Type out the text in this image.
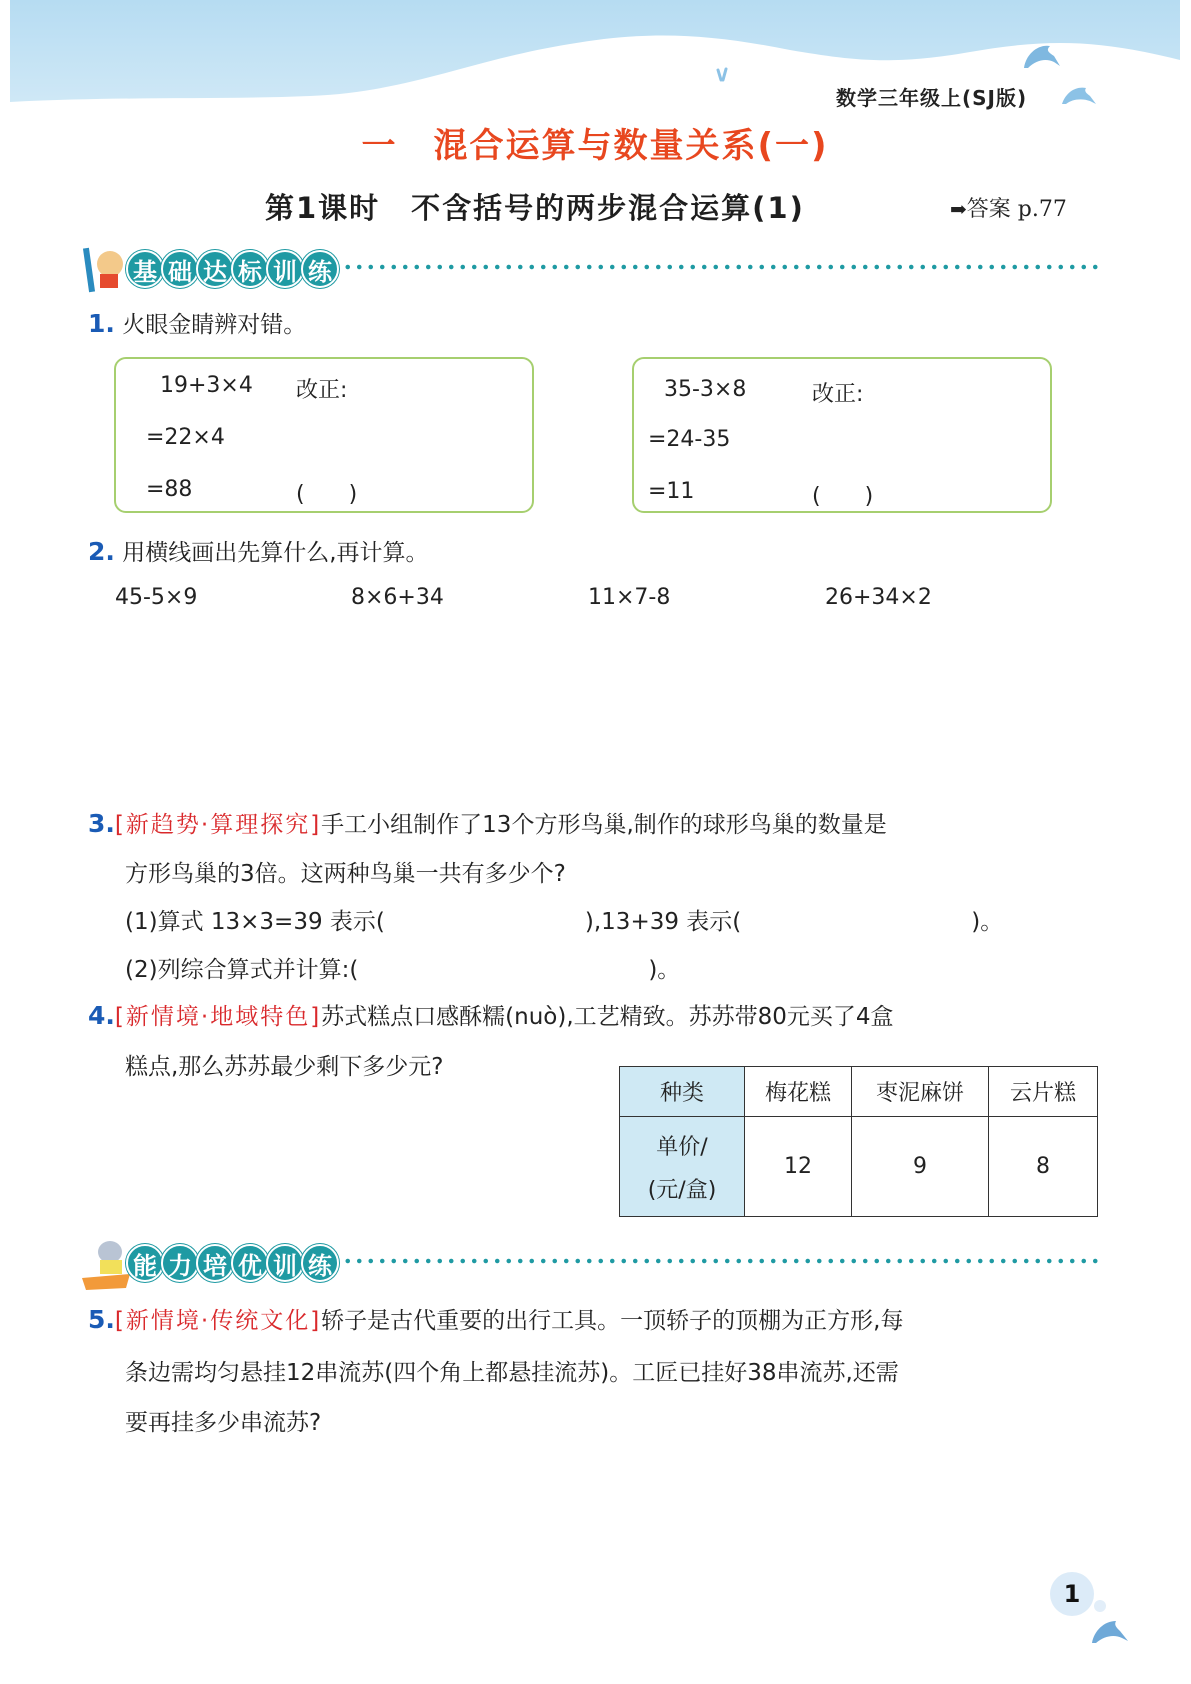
数学三年级上(SJ版)
一 混合运算与数量关系(一)
第1课时　不含括号的两步混合运算(1)	➡答案 p.77
基 础 达 标 训 练
1. 火眼金睛辨对错。
19+3×4 改正:
=22×4
=88	(　　)
35-3×8	改正:
=24-35
=11	(　　)
2. 用横线画出先算什么,再计算。
45-5×9	8×6+34	11×7-8	26+34×2
3.[新趋势·算理探究]手工小组制作了13个方形鸟巢,制作的球形鸟巢的数量是
方形鸟巢的3倍。这两种鸟巢一共有多少个?
(1)算式 13×3=39 表示(	),13+39 表示(	)。
(2)列综合算式并计算:(	)。
4.[新情境·地域特色]苏式糕点口感酥糯(nuò),工艺精致。苏苏带80元买了4盒
糕点,那么苏苏最少剩下多少元?
种类	梅花糕	枣泥麻饼	云片糕

单价/
(元/盒)	12	9	8
能 力 培 优 训 练
5.[新情境·传统文化]轿子是古代重要的出行工具。一顶轿子的顶棚为正方形,每
条边需均匀悬挂12串流苏(四个角上都悬挂流苏)。工匠已挂好38串流苏,还需
要再挂多少串流苏?
1
